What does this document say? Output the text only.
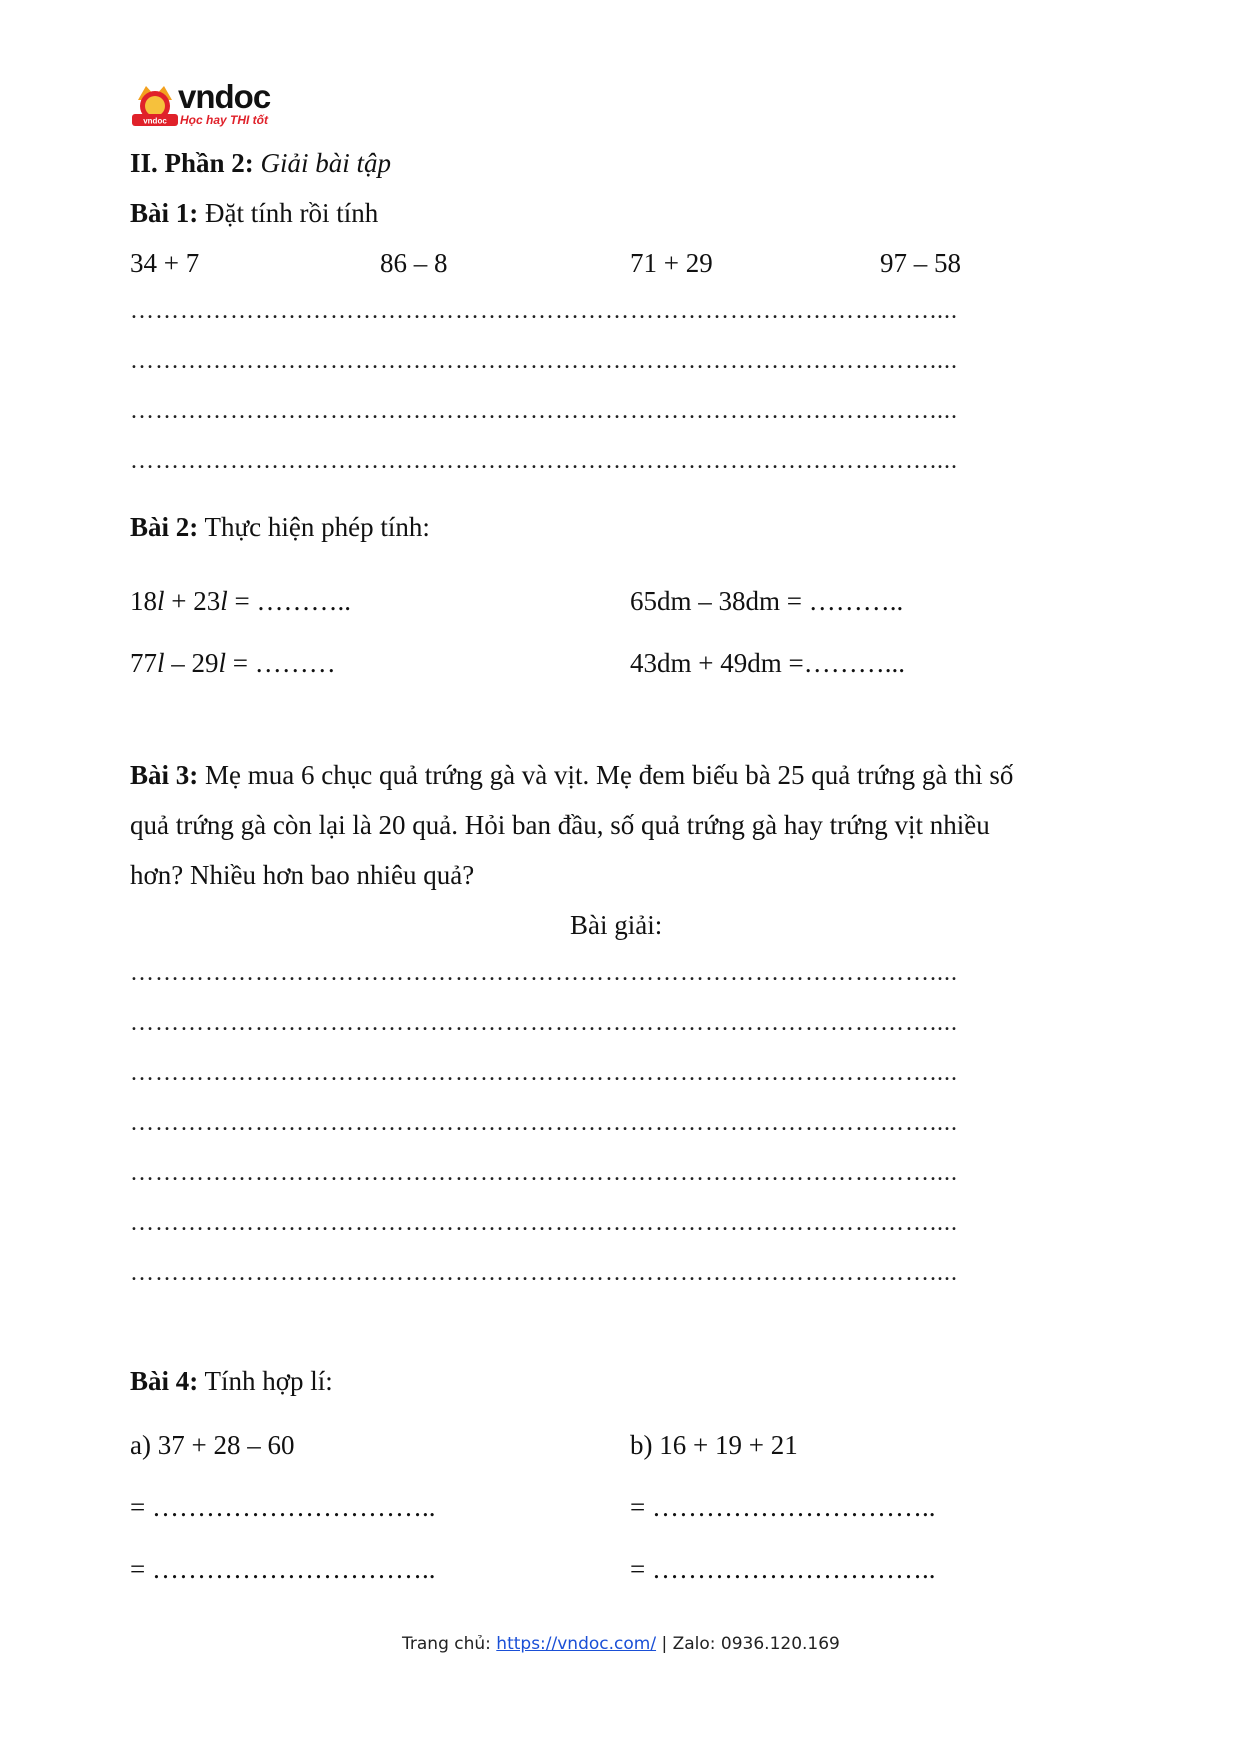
vndoc
vndoc
Học hay THI tốt
II. Phần 2: Giải bài tập
Bài 1: Đặt tính rồi tính
34 + 7	86 – 8	71 + 29	97 – 58
……………………………………………………………………………………....
……………………………………………………………………………………....
……………………………………………………………………………………....
……………………………………………………………………………………....
Bài 2: Thực hiện phép tính:
18l + 23l = ………..	65dm – 38dm = ………..
77l – 29l = ………	43dm + 49dm =………...
Bài 3: Mẹ mua 6 chục quả trứng gà và vịt. Mẹ đem biếu bà 25 quả trứng gà thì số
quả trứng gà còn lại là 20 quả. Hỏi ban đầu, số quả trứng gà hay trứng vịt nhiều
hơn? Nhiều hơn bao nhiêu quả?
Bài giải:
……………………………………………………………………………………....
……………………………………………………………………………………....
……………………………………………………………………………………....
……………………………………………………………………………………....
……………………………………………………………………………………....
……………………………………………………………………………………....
……………………………………………………………………………………....
Bài 4: Tính hợp lí:
a) 37 + 28 – 60	b) 16 + 19 + 21
= …………………………..	= …………………………..
= …………………………..	= …………………………..
Trang chủ: https://vndoc.com/ | Zalo: 0936.120.169
